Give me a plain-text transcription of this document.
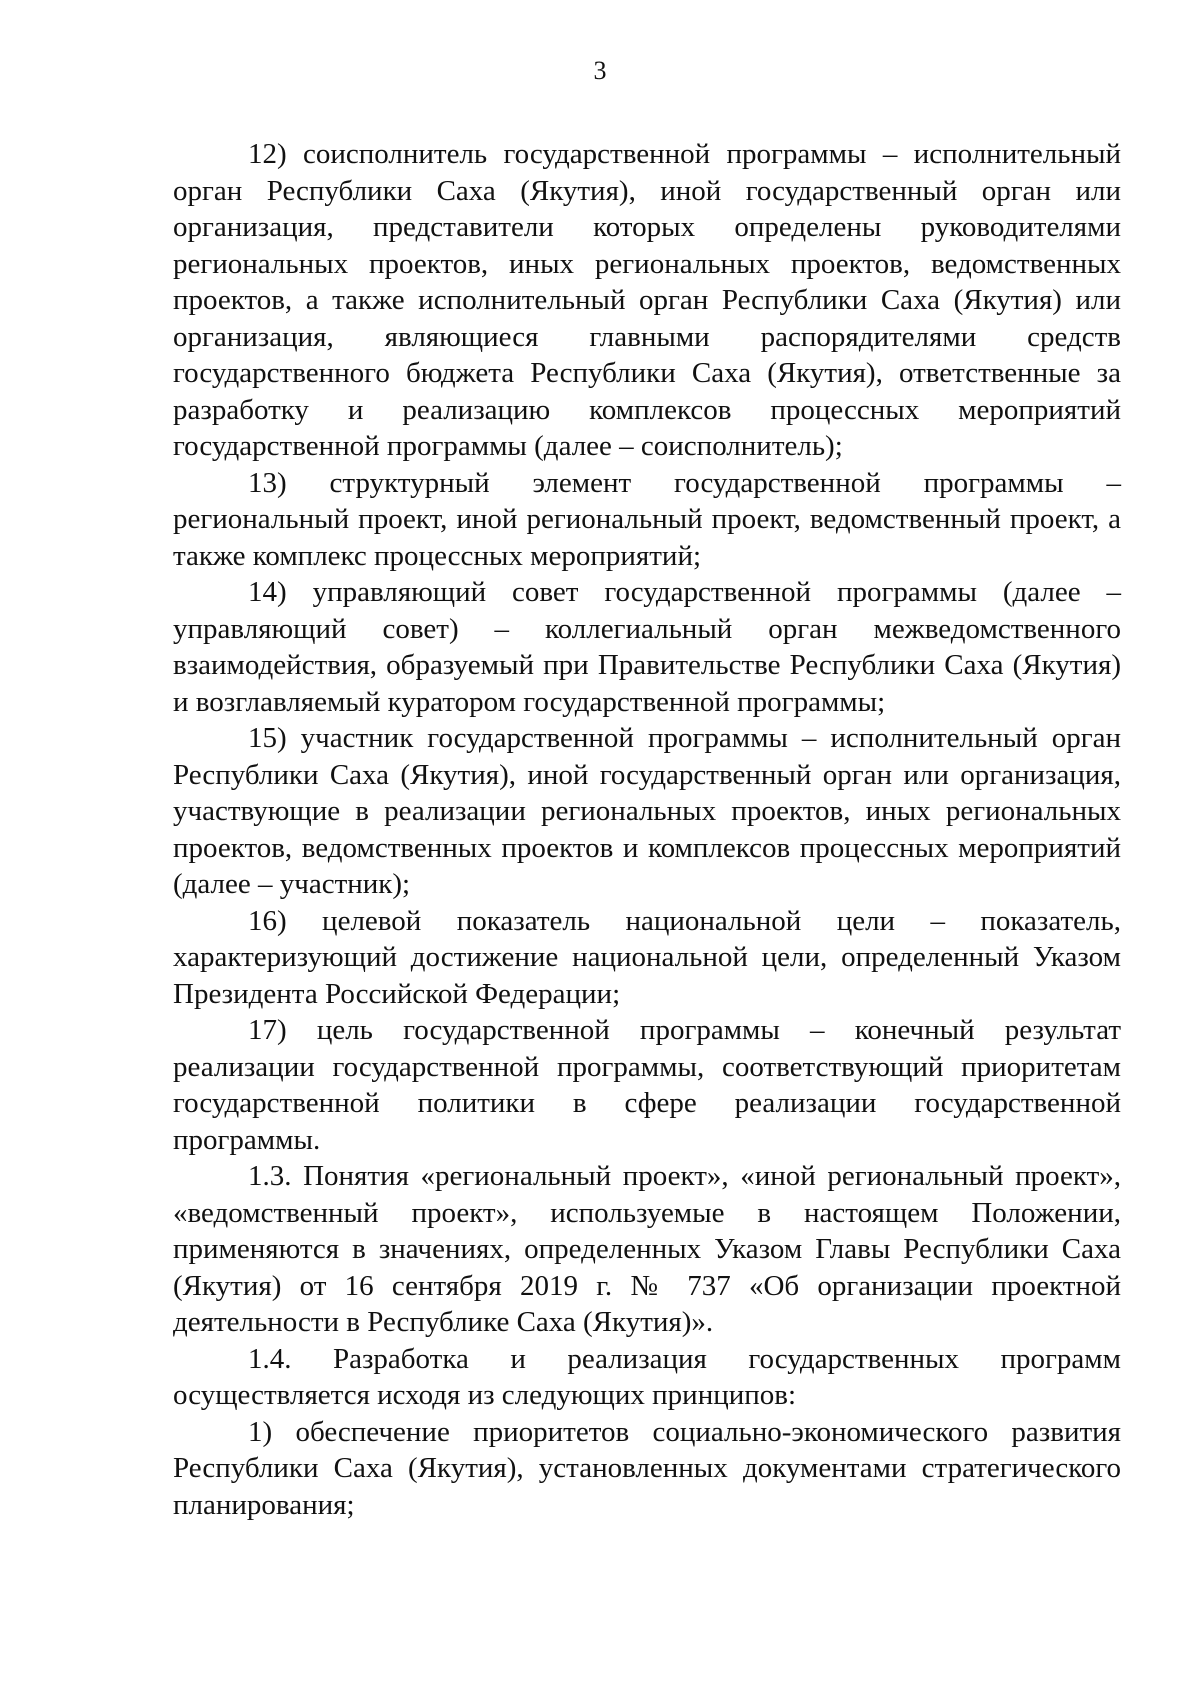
3

12) соисполнитель государственной программы – исполнительный орган Республики Саха (Якутия), иной государственный орган или организация, представители которых определены руководителями региональных проектов, иных региональных проектов, ведомственных проектов, а также исполнительный орган Республики Саха (Якутия) или организация, являющиеся главными распорядителями средств государственного бюджета Республики Саха (Якутия), ответственные за разработку и реализацию комплексов процессных мероприятий государственной программы (далее – соисполнитель);

13) структурный элемент государственной программы – региональный проект, иной региональный проект, ведомственный проект, а также комплекс процессных мероприятий;

14) управляющий совет государственной программы (далее – управляющий совет) – коллегиальный орган межведомственного взаимодействия, образуемый при Правительстве Республики Саха (Якутия) и возглавляемый куратором государственной программы;

15) участник государственной программы – исполнительный орган Республики Саха (Якутия), иной государственный орган или организация, участвующие в реализации региональных проектов, иных региональных проектов, ведомственных проектов и комплексов процессных мероприятий (далее – участник);

16) целевой показатель национальной цели – показатель, характеризующий достижение национальной цели, определенный Указом Президента Российской Федерации;

17) цель государственной программы – конечный результат реализации государственной программы, соответствующий приоритетам государственной политики в сфере реализации государственной программы.

1.3. Понятия «региональный проект», «иной региональный проект», «ведомственный проект», используемые в настоящем Положении, применяются в значениях, определенных Указом Главы Республики Саха (Якутия) от 16 сентября 2019 г. № 737 «Об организации проектной деятельности в Республике Саха (Якутия)».

1.4. Разработка и реализация государственных программ осуществляется исходя из следующих принципов:

1) обеспечение приоритетов социально-экономического развития Республики Саха (Якутия), установленных документами стратегического планирования;
